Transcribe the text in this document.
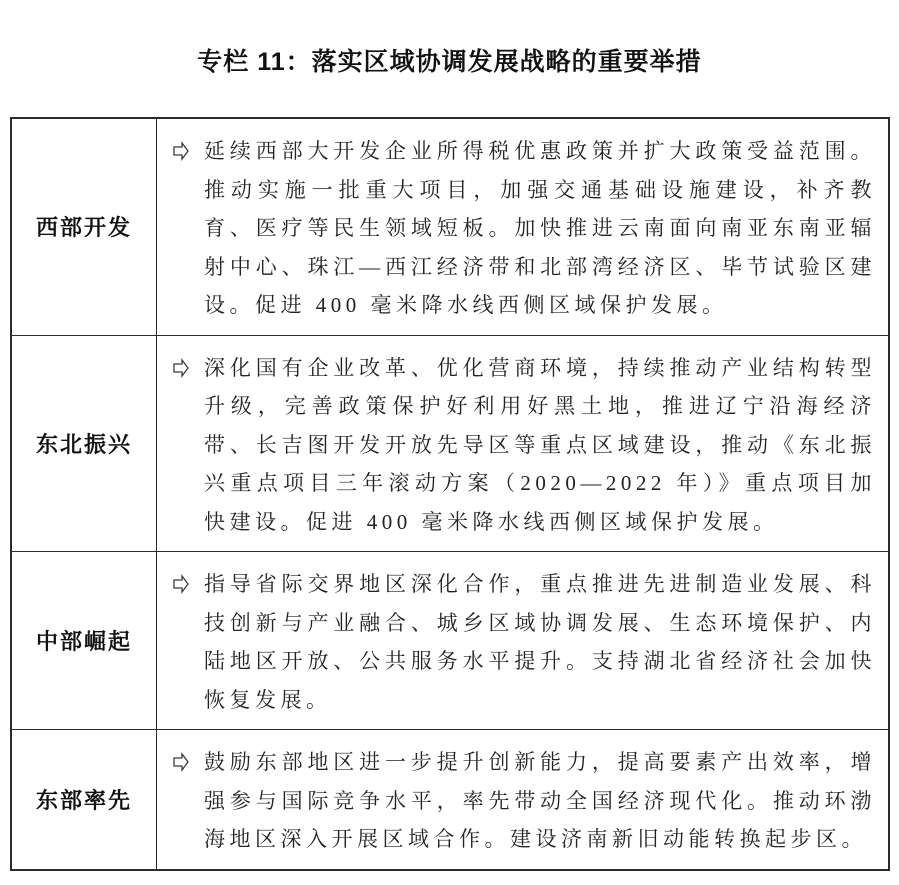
专栏 11：落实区域协调发展战略的重要举措
西部开发	延续西部大开发企业所得税优惠政策并扩大政策受益范围。推动实施一批重大项目，加强交通基础设施建设，补齐教育、医疗等民生领域短板。加快推进云南面向南亚东南亚辐射中心、珠江—西江经济带和北部湾经济区、毕节试验区建设。促进 400 毫米降水线西侧区域保护发展。

东北振兴	深化国有企业改革、优化营商环境，持续推动产业结构转型升级，完善政策保护好利用好黑土地，推进辽宁沿海经济带、长吉图开发开放先导区等重点区域建设，推动《东北振兴重点项目三年滚动方案（2020—2022 年）》重点项目加快建设。促进 400 毫米降水线西侧区域保护发展。

中部崛起	指导省际交界地区深化合作，重点推进先进制造业发展、科技创新与产业融合、城乡区域协调发展、生态环境保护、内陆地区开放、公共服务水平提升。支持湖北省经济社会加快恢复发展。

东部率先	鼓励东部地区进一步提升创新能力，提高要素产出效率，增强参与国际竞争水平，率先带动全国经济现代化。推动环渤海地区深入开展区域合作。建设济南新旧动能转换起步区。
